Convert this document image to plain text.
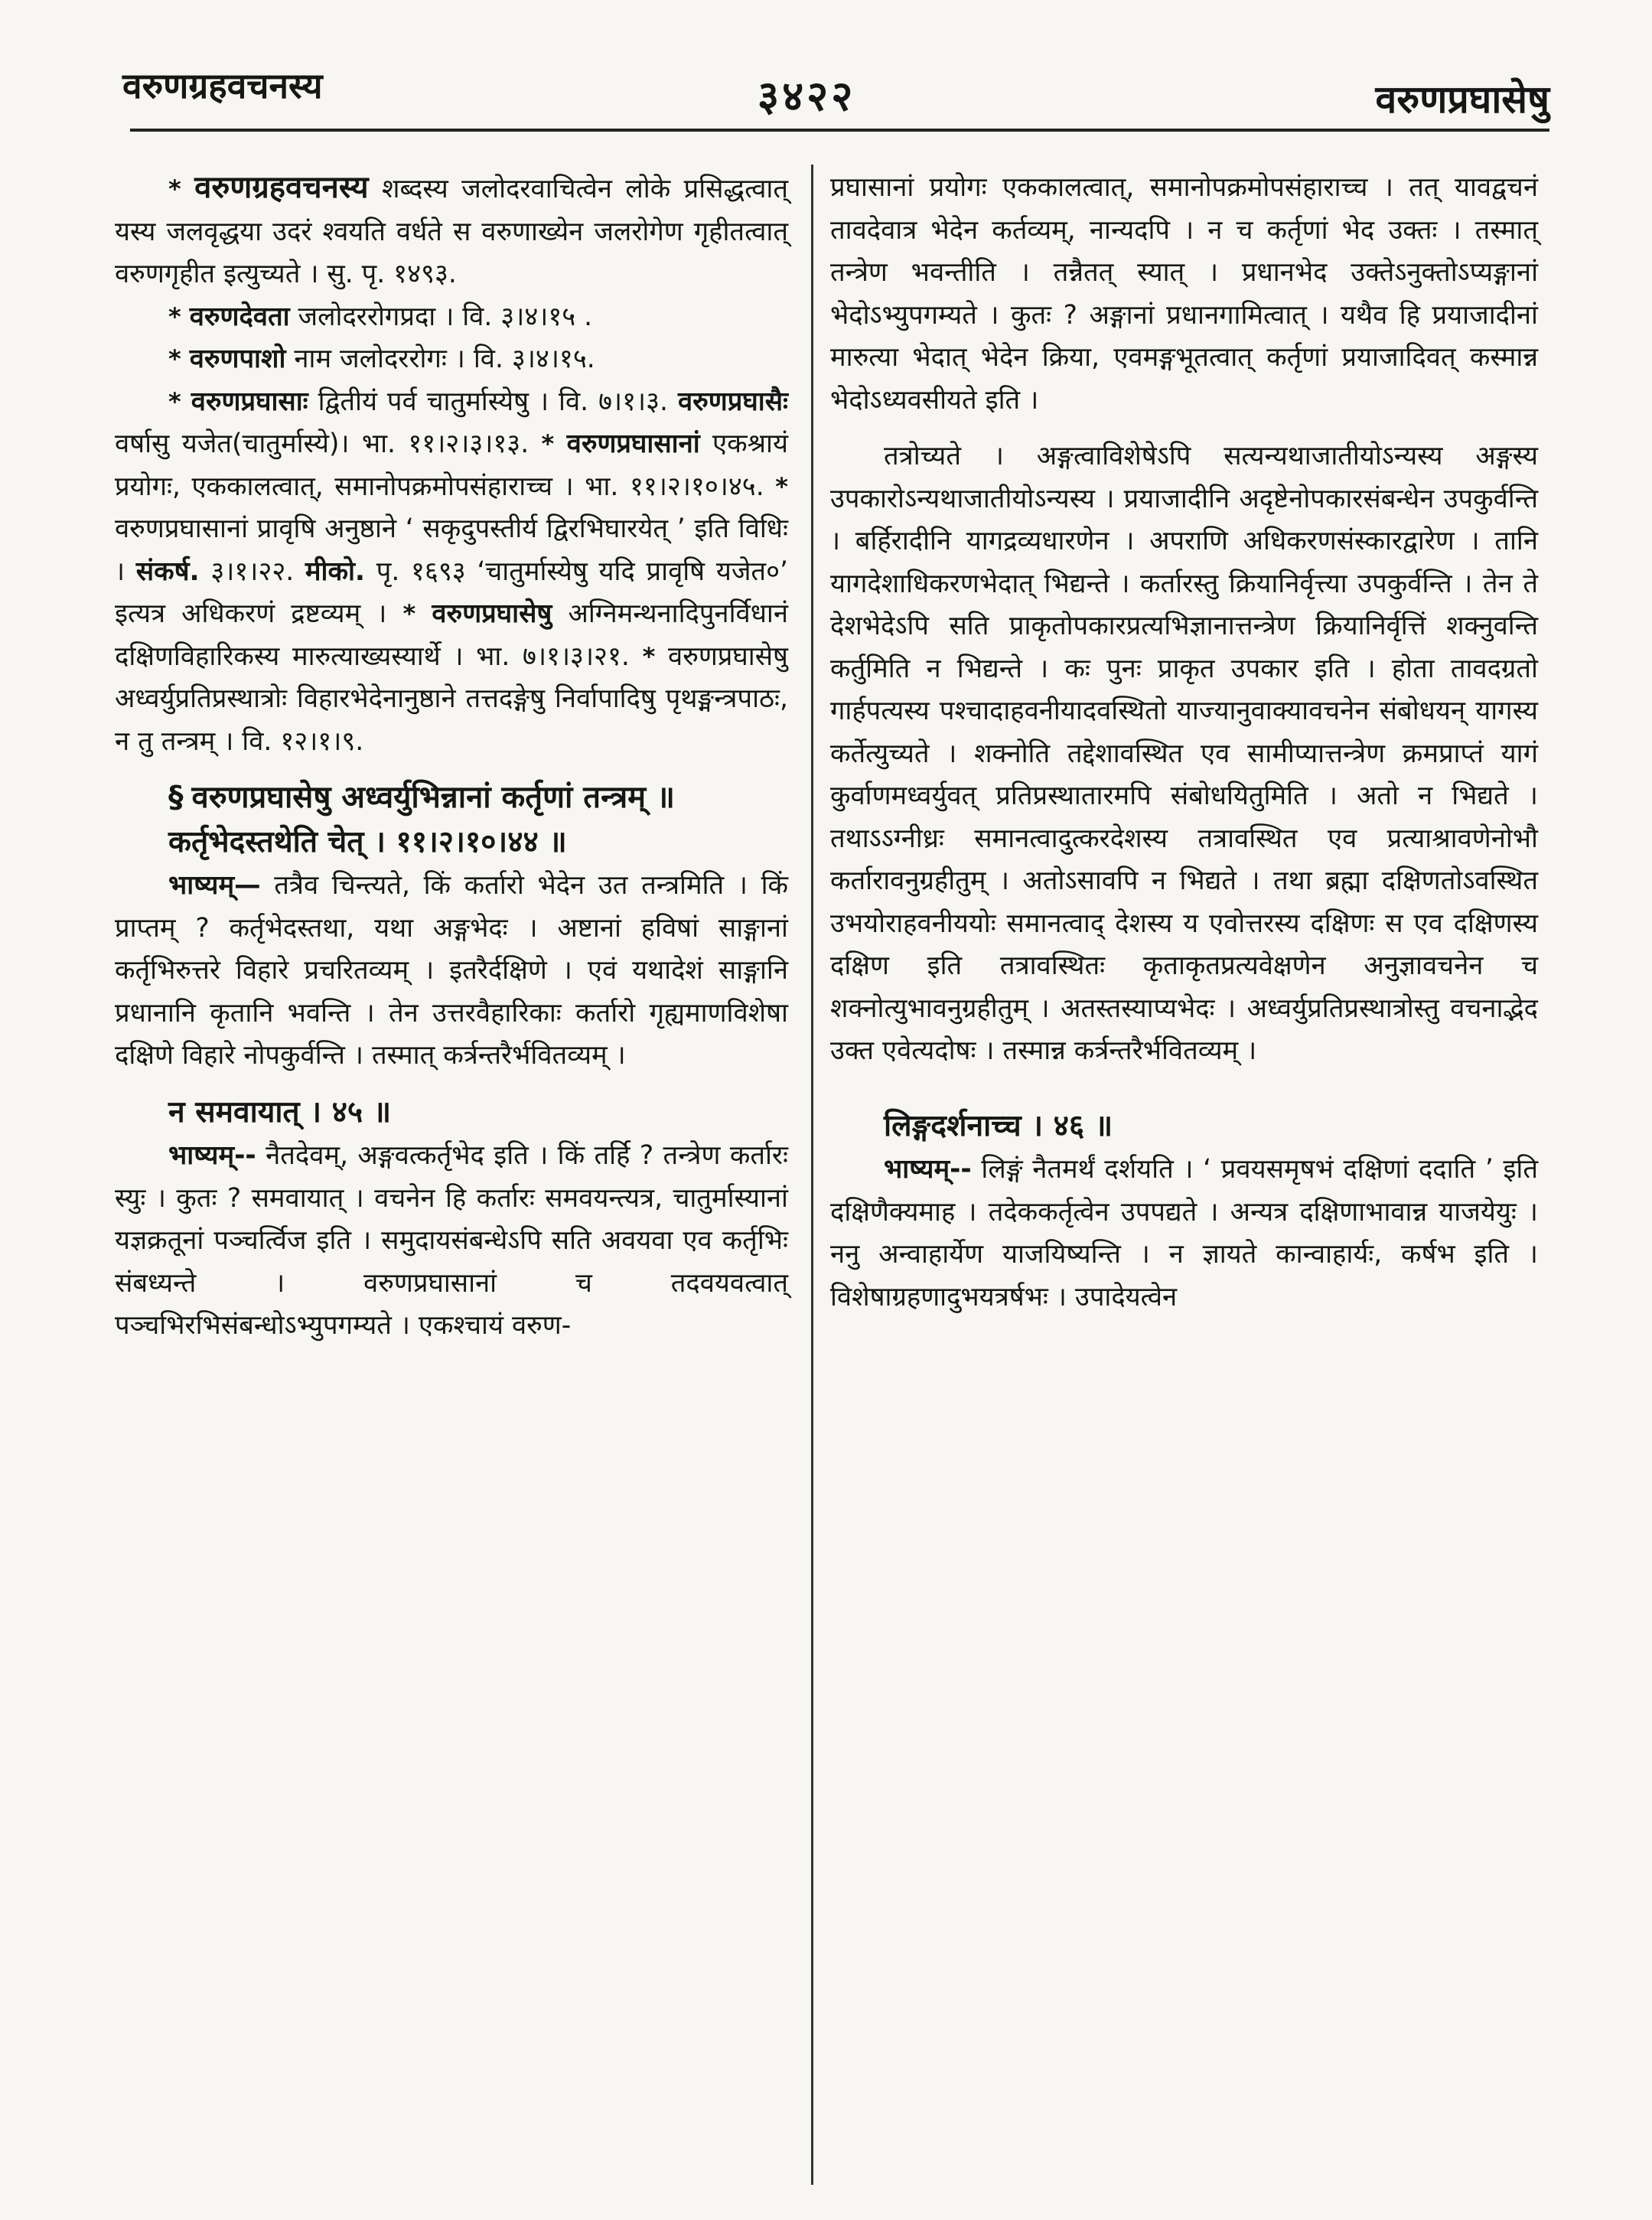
वरुणग्रहवचनस्य	३४२२	वरुणप्रघासेषु

* वरुणग्रहवचनस्य शब्दस्य जलोदरवाचित्वेन लोके प्रसिद्धत्वात् यस्य जलवृद्धया उदरं श्वयति वर्धते स वरुणाख्येन जलरोगेण गृहीतत्वात् वरुणगृहीत इत्युच्यते । सु. पृ. १४९३.

* वरुणदेवता जलोदररोगप्रदा । वि. ३।४।१५ .

* वरुणपाशो नाम जलोदररोगः । वि. ३।४।१५.

* वरुणप्रघासाः द्वितीयं पर्व चातुर्मास्येषु । वि. ७।१।३. वरुणप्रघासैः वर्षासु यजेत(चातुर्मास्ये)। भा. ११।२।३।१३. * वरुणप्रघासानां एकश्रायं प्रयोगः, एककालत्वात्, समानोपक्रमोपसंहाराच्च । भा. ११।२।१०।४५. * वरुणप्रघासानां प्रावृषि अनुष्ठाने ‘ सकृदुपस्तीर्य द्विरभिघारयेत् ’ इति विधिः । संकर्ष. ३।१।२२. मीको. पृ. १६९३ ‘चातुर्मास्येषु यदि प्रावृषि यजेत०’ इत्यत्र अधिकरणं द्रष्टव्यम् । * वरुणप्रघासेषु अग्निमन्थनादिपुनर्विधानं दक्षिणविहारिकस्य मारुत्याख्यस्यार्थे । भा. ७।१।३।२१. * वरुणप्रघासेषु अध्वर्युप्रतिप्रस्थात्रोः विहारभेदेनानुष्ठाने तत्तदङ्गेषु निर्वापादिषु पृथङ्मन्त्रपाठः, न तु तन्त्रम् । वि. १२।१।९.

§ वरुणप्रघासेषु अध्वर्युभिन्नानां कर्तृणां तन्त्रम् ॥

कर्तृभेदस्तथेति चेत् । ११।२।१०।४४ ॥

भाष्यम्— तत्रैव चिन्त्यते, किं कर्तारो भेदेन उत तन्त्रमिति । किं प्राप्तम् ? कर्तृभेदस्तथा, यथा अङ्गभेदः । अष्टानां हविषां साङ्गानां कर्तृभिरुत्तरे विहारे प्रचरितव्यम् । इतरैर्दक्षिणे । एवं यथादेशं साङ्गानि प्रधानानि कृतानि भवन्ति । तेन उत्तरवैहारिकाः कर्तारो गृह्यमाणविशेषा दक्षिणे विहारे नोपकुर्वन्ति । तस्मात् कर्त्रन्तरैर्भवितव्यम् ।

न समवायात् । ४५ ॥

भाष्यम्-- नैतदेवम्, अङ्गवत्कर्तृभेद इति । किं तर्हि ? तन्त्रेण कर्तारः स्युः । कुतः ? समवायात् । वचनेन हि कर्तारः समवयन्त्यत्र, चातुर्मास्यानां यज्ञक्रतूनां पञ्चर्त्विज इति । समुदायसंबन्धेऽपि सति अवयवा एव कर्तृभिः संबध्यन्ते । वरुणप्रघासानां च तदवयवत्वात् पञ्चभिरभिसंबन्धोऽभ्युपगम्यते । एकश्चायं वरुण-

प्रघासानां प्रयोगः एककालत्वात्, समानोपक्रमोपसंहाराच्च । तत् यावद्वचनं तावदेवात्र भेदेन कर्तव्यम्, नान्यदपि । न च कर्तृणां भेद उक्तः । तस्मात् तन्त्रेण भवन्तीति । तन्नैतत् स्यात् । प्रधानभेद उक्तेऽनुक्तोऽप्यङ्गानां भेदोऽभ्युपगम्यते । कुतः ? अङ्गानां प्रधानगामित्वात् । यथैव हि प्रयाजादीनां मारुत्या भेदात् भेदेन क्रिया, एवमङ्गभूतत्वात् कर्तृणां प्रयाजादिवत् कस्मान्न भेदोऽध्यवसीयते इति ।

तत्रोच्यते । अङ्गत्वाविशेषेऽपि सत्यन्यथाजातीयोऽन्यस्य अङ्गस्य उपकारोऽन्यथाजातीयोऽन्यस्य । प्रयाजादीनि अदृष्टेनोपकारसंबन्धेन उपकुर्वन्ति । बर्हिरादीनि यागद्रव्यधारणेन । अपराणि अधिकरणसंस्कारद्वारेण । तानि यागदेशाधिकरणभेदात् भिद्यन्ते । कर्तारस्तु क्रियानिर्वृत्त्या उपकुर्वन्ति । तेन ते देशभेदेऽपि सति प्राकृतोपकारप्रत्यभिज्ञानात्तन्त्रेण क्रियानिर्वृत्तिं शक्नुवन्ति कर्तुमिति न भिद्यन्ते । कः पुनः प्राकृत उपकार इति । होता तावदग्रतो गार्हपत्यस्य पश्चादाहवनीयादवस्थितो याज्यानुवाक्यावचनेन संबोधयन् यागस्य कर्तेत्युच्यते । शक्नोति तद्देशावस्थित एव सामीप्यात्तन्त्रेण क्रमप्राप्तं यागं कुर्वाणमध्वर्युवत् प्रतिप्रस्थातारमपि संबोधयितुमिति । अतो न भिद्यते । तथाऽऽग्नीध्रः समानत्वादुत्करदेशस्य तत्रावस्थित एव प्रत्याश्रावणेनोभौ कर्तारावनुग्रहीतुम् । अतोऽसावपि न भिद्यते । तथा ब्रह्मा दक्षिणतोऽवस्थित उभयोराहवनीययोः समानत्वाद् देशस्य य एवोत्तरस्य दक्षिणः स एव दक्षिणस्य दक्षिण इति तत्रावस्थितः कृताकृतप्रत्यवेक्षणेन अनुज्ञावचनेन च शक्नोत्युभावनुग्रहीतुम् । अतस्तस्याप्यभेदः । अध्वर्युप्रतिप्रस्थात्रोस्तु वचनाद्भेद उक्त एवेत्यदोषः । तस्मान्न कर्त्रन्तरैर्भवितव्यम् ।

लिङ्गदर्शनाच्च । ४६ ॥

भाष्यम्-- लिङ्गं नैतमर्थं दर्शयति । ‘ प्रवयसमृषभं दक्षिणां ददाति ’ इति दक्षिणैक्यमाह । तदेककर्तृत्वेन उपपद्यते । अन्यत्र दक्षिणाभावान्न याजयेयुः । ननु अन्वाहार्येण याजयिष्यन्ति । न ज्ञायते कान्वाहार्यः, कर्षभ इति । विशेषाग्रहणादुभयत्रर्षभः । उपादेयत्वेन
